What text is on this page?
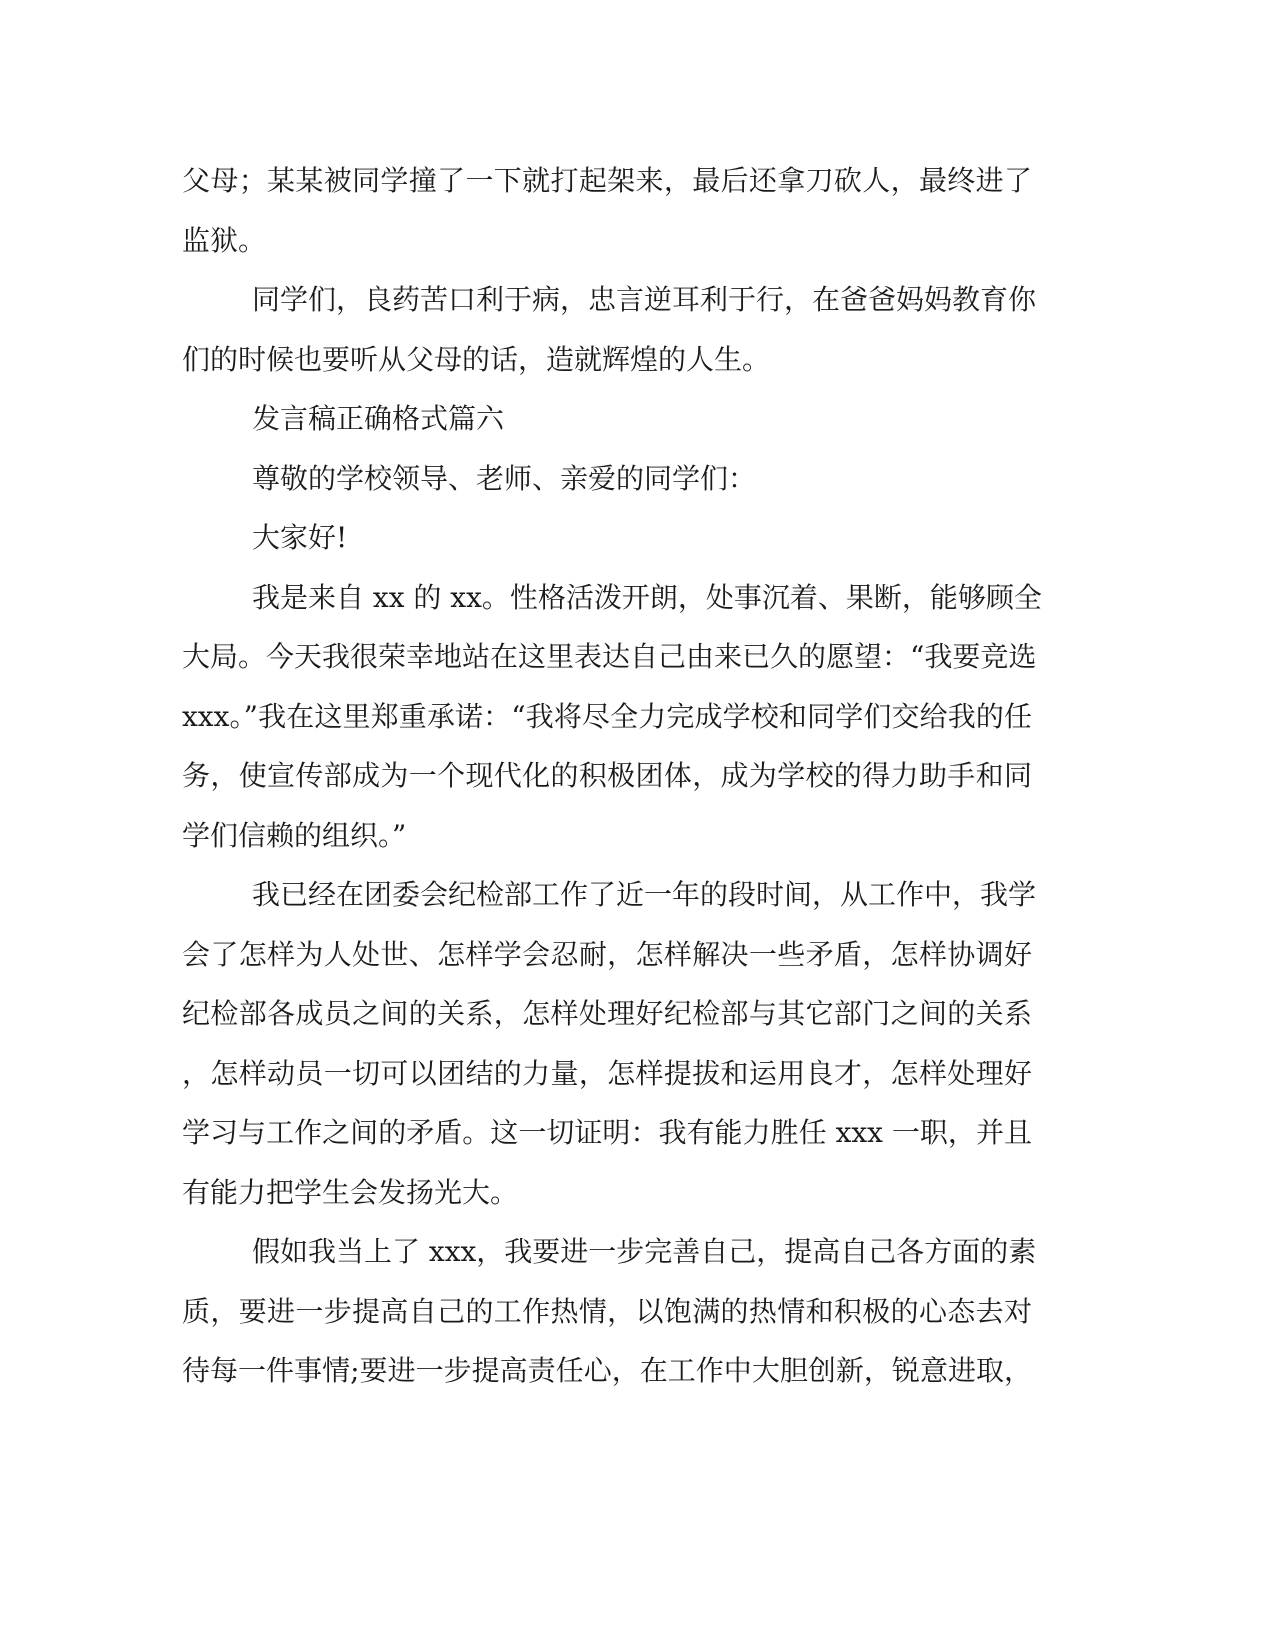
父母；某某被同学撞了一下就打起架来，最后还拿刀砍人，最终进了
监狱。
同学们，良药苦口利于病，忠言逆耳利于行，在爸爸妈妈教育你
们的时候也要听从父母的话，造就辉煌的人生。
发言稿正确格式篇六
尊敬的学校领导、老师、亲爱的同学们：
大家好!
我是来自 xx 的 xx。性格活泼开朗，处事沉着、果断，能够顾全
大局。今天我很荣幸地站在这里表达自己由来已久的愿望：“我要竞选
xxx。”我在这里郑重承诺：“我将尽全力完成学校和同学们交给我的任
务，使宣传部成为一个现代化的积极团体，成为学校的得力助手和同
学们信赖的组织。”
我已经在团委会纪检部工作了近一年的段时间，从工作中，我学
会了怎样为人处世、怎样学会忍耐，怎样解决一些矛盾，怎样协调好
纪检部各成员之间的关系，怎样处理好纪检部与其它部门之间的关系
，怎样动员一切可以团结的力量，怎样提拔和运用良才，怎样处理好
学习与工作之间的矛盾。这一切证明：我有能力胜任 xxx 一职，并且
有能力把学生会发扬光大。
假如我当上了 xxx，我要进一步完善自己，提高自己各方面的素
质，要进一步提高自己的工作热情，以饱满的热情和积极的心态去对
待每一件事情;要进一步提高责任心，在工作中大胆创新，锐意进取，
